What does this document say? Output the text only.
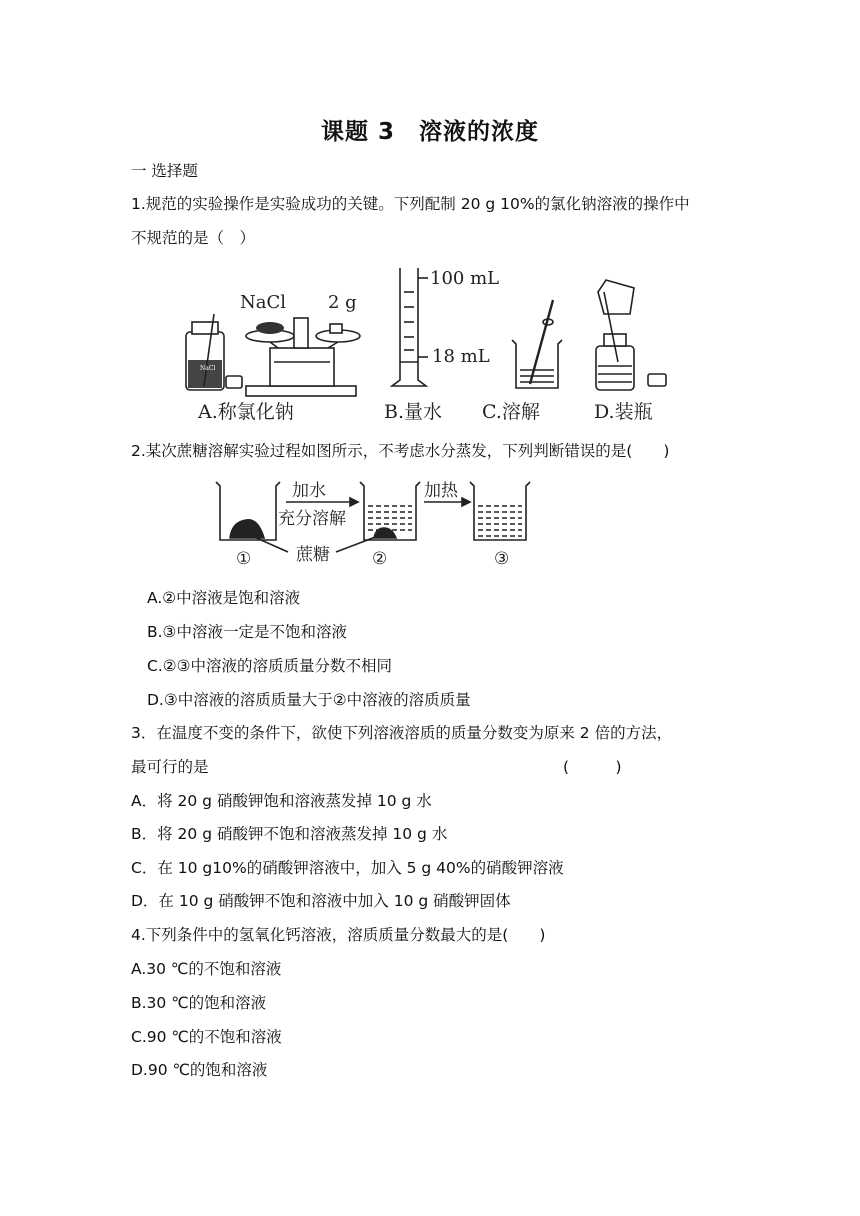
课题 3　溶液的浓度
一 选择题
1.规范的实验操作是实验成功的关键。下列配制 20 g 10%的氯化钠溶液的操作中
不规范的是（　）
NaCl 2 g
NaCl
100 mL
18 mL
A.称氯化钠	B.量水 C.溶解	D.装瓶
2.某次蔗糖溶解实验过程如图所示，不考虑水分蒸发，下列判断错误的是(　　)
加水
充分溶解
加热
蔗糖
①	②	③
A.②中溶液是饱和溶液
B.③中溶液一定是不饱和溶液
C.②③中溶液的溶质质量分数不相同
D.③中溶液的溶质质量大于②中溶液的溶质质量
3．在温度不变的条件下，欲使下列溶液溶质的质量分数变为原来 2 倍的方法，
最可行的是	(　　　)
A．将 20 g 硝酸钾饱和溶液蒸发掉 10 g 水
B．将 20 g 硝酸钾不饱和溶液蒸发掉 10 g 水
C．在 10 g10%的硝酸钾溶液中，加入 5 g 40%的硝酸钾溶液
D．在 10 g 硝酸钾不饱和溶液中加入 10 g 硝酸钾固体
4.下列条件中的氢氧化钙溶液，溶质质量分数最大的是(　　)
A.30 ℃的不饱和溶液
B.30 ℃的饱和溶液
C.90 ℃的不饱和溶液
D.90 ℃的饱和溶液
